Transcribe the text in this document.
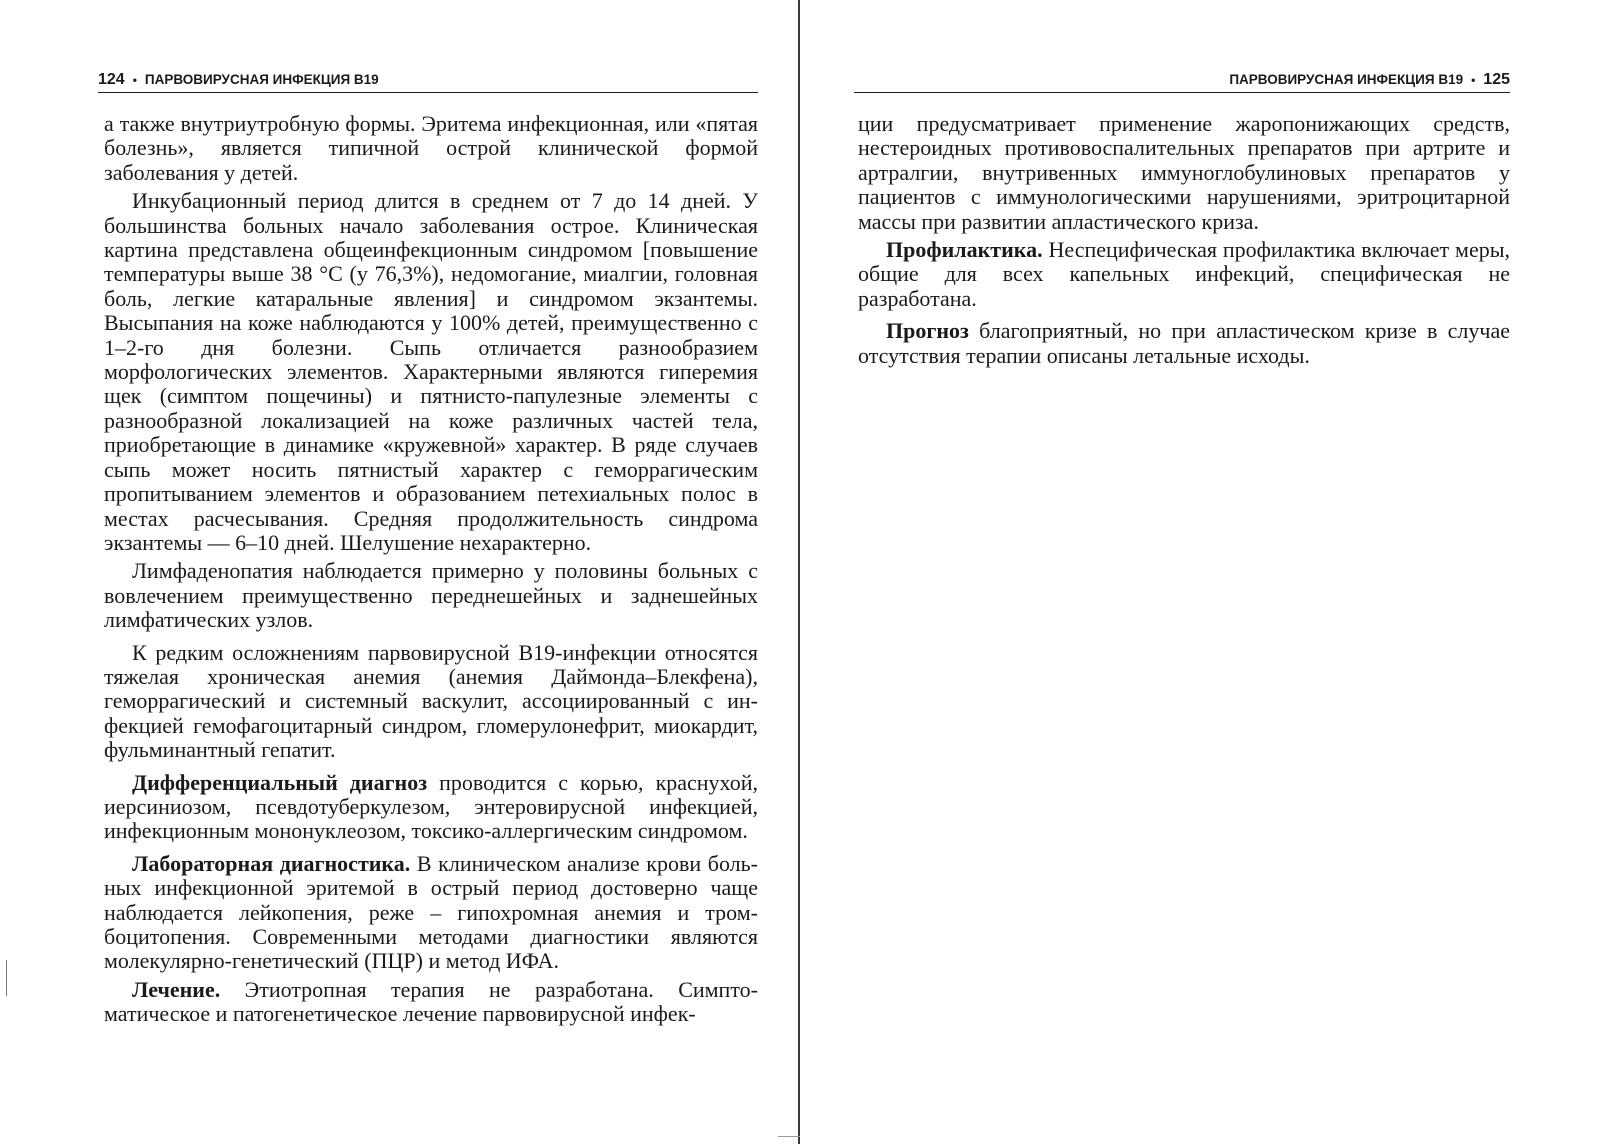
124 • ПАРВОВИРУСНАЯ ИНФЕКЦИЯ В19

а также внутриутробную формы. Эритема инфекционная, или «пятая болезнь», является типичной острой клинической формой заболевания у детей.

Инкубационный период длится в среднем от 7 до 14 дней. У большинства больных начало заболевания острое. Клиническая картина представлена общеинфекционным синдромом [повышение температуры выше 38 °С (у 76,3%), недомогание, миалгии, головная боль, легкие катаральные явления] и синдромом экзантемы. Высыпания на коже наблюдаются у 100% детей, преимущественно с 1–2-го дня болезни. Сыпь отличается разнообразием морфологических элементов. Характерными являются гиперемия щек (симптом пощечины) и пятнисто-папулезные элементы с разнообразной локализацией на коже различных частей тела, приобретающие в динамике «кружевной» характер. В ряде случаев сыпь может носить пятнистый характер с геморрагическим пропитыванием элементов и образованием петехиальных полос в местах расчесывания. Средняя продолжительность синдрома экзантемы — 6–10 дней. Шелушение нехарактерно.

Лимфаденопатия наблюдается примерно у половины больных с вовлечением преимущественно переднешейных и заднешейных лимфатических узлов.

К редким осложнениям парвовирусной В19-инфекции относятся тяжелая хроническая анемия (анемия Даймонда–Блекфена), геморрагический и системный васкулит, ассоциированный с инфекцией гемофагоцитарный синдром, гломерулонефрит, миокардит, фульминантный гепатит.

Дифференциальный диагноз проводится с корью, краснухой, иерсиниозом, псевдотуберкулезом, энтеровирусной инфекцией, инфекционным мононуклеозом, токсико-аллергическим синдромом.

Лабораторная диагностика. В клиническом анализе крови больных инфекционной эритемой в острый период достоверно чаще наблюдается лейкопения, реже – гипохромная анемия и тромбоцитопения. Современными методами диагностики являются молекулярно-генетический (ПЦР) и метод ИФА.

Лечение. Этиотропная терапия не разработана. Симптоматическое и патогенетическое лечение парвовирусной инфек-

ПАРВОВИРУСНАЯ ИНФЕКЦИЯ В19 • 125

ции предусматривает применение жаропонижающих средств, нестероидных противовоспалительных препаратов при артрите и артралгии, внутривенных иммуноглобулиновых препаратов у пациентов с иммунологическими нарушениями, эритроцитарной массы при развитии апластического криза.

Профилактика. Неспецифическая профилактика включает меры, общие для всех капельных инфекций, специфическая не разработана.

Прогноз благоприятный, но при апластическом кризе в случае отсутствия терапии описаны летальные исходы.
